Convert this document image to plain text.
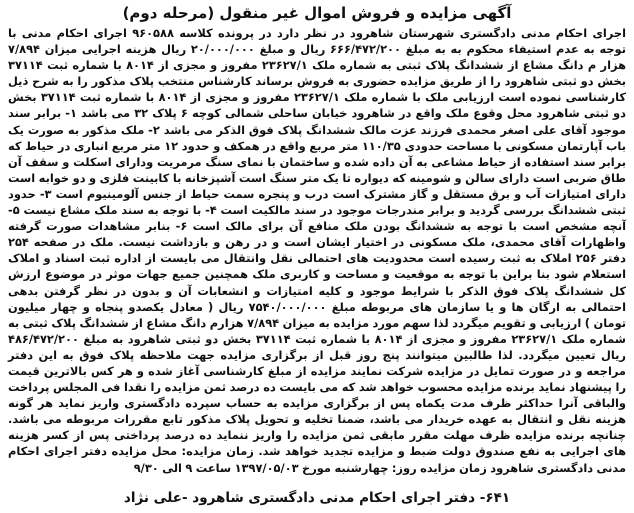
آگهی مزایده و فروش اموال غیر منقول (مرحله دوم)

اجرای احکام مدنی دادگستری شهرستان شاهرود در نظر دارد در پرونده کلاسه ۹۶۰۵۸۸ اجرای احکام مدنی با توجه به عدم استیفاء محکوم به به مبلغ ۶۶۶/۴۷۲/۲۰۰ ریال و مبلغ ۲۰/۰۰۰/۰۰۰ ریال هزینه اجرایی میزان ۷/۸۹۴ هزار م دانگ مشاع از ششدانگ پلاک ثبتی به شماره ملک ۲۳۶۲۷/۱ مفروز و مجزی از ۸۰۱۴ با شماره ثبت ۳۷۱۱۴ بخش دو ثبتی شاهرود را از طریق مزایده حضوری به فروش برساند کارشناس منتخب پلاک مذکور را به شرح ذیل کارشناسی نموده است ارزیابی ملک با شماره ملک ۲۳۶۲۷/۱ مفروز و مجزی از ۸۰۱۴ با شماره ثبت ۳۷۱۱۴ بخش دو ثبتی شاهرود محل وقوع ملک واقع در شاهرود خیابان ساحلی شمالی کوچه ۶ پلاک ۳۲ می باشد ۱- برابر سند موجود آقای علی اصغر محمدی فرزند عزت مالک ششدانگ پلاک فوق الذکر می باشد ۲- ملک مذکور به صورت یک باب آپارتمان مسکونی با مساحت حدودی ۱۱۰/۳۵ متر مربع واقع در همکف و حدود ۱۲ متر مربع انباری در حیاط که برابر سند استفاده از حیاط مشاعی به آن داده شده و ساختمان با نمای سنگ مرمریت ودارای اسکلت و سقف آن طاق ضربی است دارای سالن و شومینه که دیواره تا یک متر سنگ است آشپزخانه با کابینت فلزی و دو خوابه است دارای امتیازات آب و برق مستقل و گاز مشترک است درب و پنجره سمت حیاط از جنس آلومینیوم است ۳- حدود ثبتی ششدانگ بررسی گردید و برابر مندرجات موجود در سند مالکیت است ۴- با توجه به سند ملک مشاع نیست ۵- آنچه مشخص است با توجه به ششدانگ بودن ملک منافع آن برای مالک است ۶- بنابر مشاهدات صورت گرفته واظهارات آقای محمدی، ملک مسکونی در اختیار ایشان است و در رهن و بازداشت نیست. ملک در صفحه ۲۵۴ دفتر ۲۵۶ املاک به ثبت رسیده است محدودیت های احتمالی نقل وانتقال می بایست از اداره ثبت اسناد و املاک استعلام شود بنا براین با توجه به موقعیت و مساحت و کاربری ملک همچنین جمیع جهات موثر در موضوع ارزش کل ششدانگ پلاک فوق الذکر با شرایط موجود و کلیه امتیازات و انشعابات آن و بدون در نظر گرفتن بدهی احتمالی به ارگان ها و یا سازمان های مربوطه مبلغ ۷۵۴۰/۰۰۰/۰۰۰ ریال ( معادل یکصدو پنجاه و چهار میلیون تومان ) ارزیابی و تقویم میگردد لذا سهم مورد مزایده به میزان ۷/۸۹۴ هزارم دانگ مشاع از ششدانگ پلاک ثبتی به شماره ملک ۲۳۶۲۷/۱ مفروز و مجزی از ۸۰۱۴ با شماره ثبت ۳۷۱۱۴ بخش دو ثبتی شاهرود به مبلغ ۴۸۶/۴۷۲/۲۰۰ ریال تعیین میگردد. لذا طالبین میتوانند پنج روز قبل از برگزاری مزایده جهت ملاحظه پلاک فوق به این دفتر مراجعه و در صورت تمایل در مزایده شرکت نمایند مزایده از مبلغ کارشناسی آغاز شده و هر کس بالاترین قیمت را پیشنهاد نماید برنده مزایده محسوب خواهد شد که می بایست ده درصد ثمن مزایده را نقدا فی المجلس پرداخت والباقی آنرا حداکثر ظرف مدت یکماه پس از برگزاری مزایده به حساب سپرده دادگستری واریز نماید هر گونه هزینه نقل و انتقال به عهده خریدار می باشد، ضمنا تخلیه و تحویل پلاک مذکور تابع مقررات مربوطه می باشد. چنانچه برنده مزایده ظرف مهلت مقرر مابقی ثمن مزایده را واریز ننماید ده درصد پرداختی پس از کسر هزینه های اجرایی به نفع صندوق دولت ضبط و مزایده تجدید خواهد شد. زمان مزایده: محل مزایده دفتر اجرای احکام مدنی دادگستری شاهرود زمان مزایده روز: چهارشنبه مورخ ۱۳۹۷/۰۵/۰۳ ساعت ۹ الی ۹/۳۰

۶۴۱- دفتر اجرای احکام مدنی دادگستری شاهرود -علی نژاد
